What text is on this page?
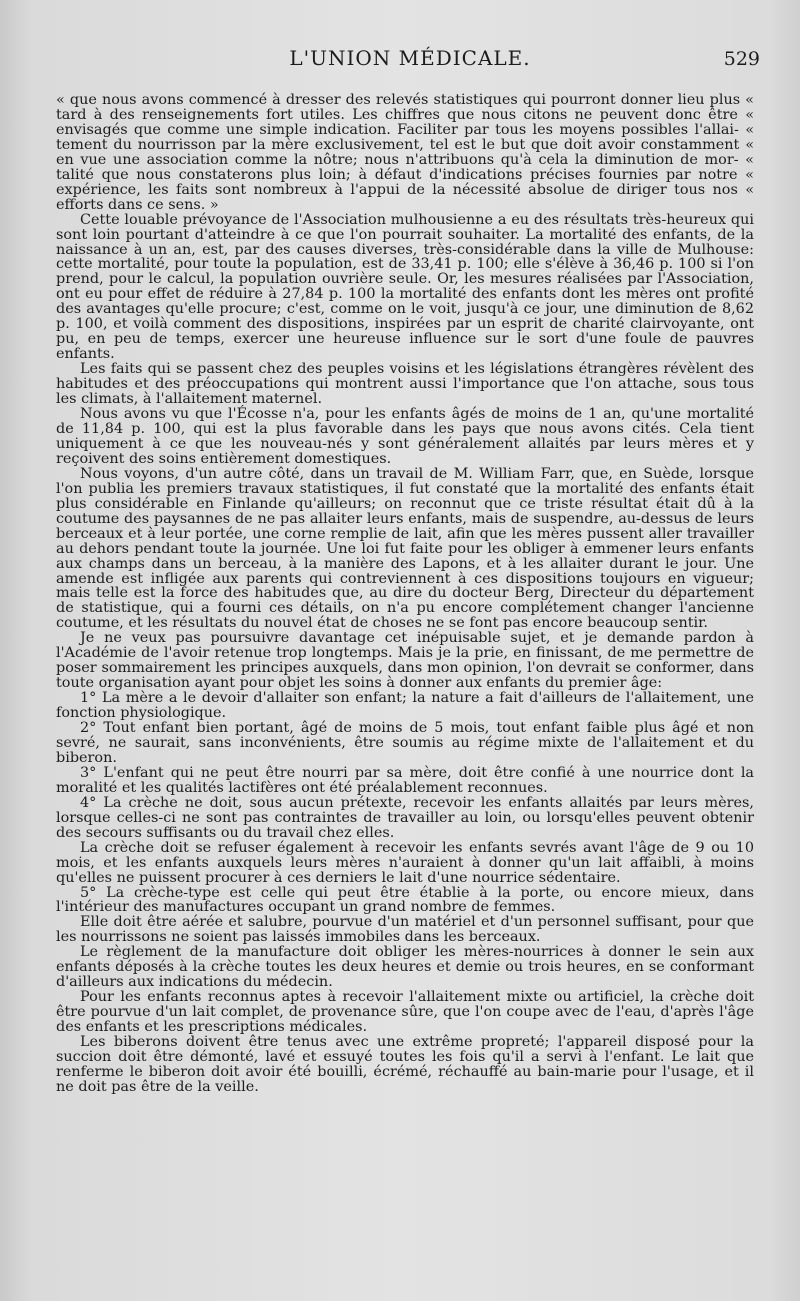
L'UNION MÉDICALE.	529

« que nous avons commencé à dresser des relevés statistiques qui pourront donner lieu plus « tard à des renseignements fort utiles. Les chiffres que nous citons ne peuvent donc être « envisagés que comme une simple indication. Faciliter par tous les moyens possibles l'allai- « tement du nourrisson par la mère exclusivement, tel est le but que doit avoir constamment « en vue une association comme la nôtre; nous n'attribuons qu'à cela la diminution de mor- « talité que nous constaterons plus loin; à défaut d'indications précises fournies par notre « expérience, les faits sont nombreux à l'appui de la nécessité absolue de diriger tous nos « efforts dans ce sens. »

Cette louable prévoyance de l'Association mulhousienne a eu des résultats très-heureux qui sont loin pourtant d'atteindre à ce que l'on pourrait souhaiter. La mortalité des enfants, de la naissance à un an, est, par des causes diverses, très-considérable dans la ville de Mulhouse: cette mortalité, pour toute la population, est de 33,41 p. 100; elle s'élève à 36,46 p. 100 si l'on prend, pour le calcul, la population ouvrière seule. Or, les mesures réalisées par l'Association, ont eu pour effet de réduire à 27,84 p. 100 la mortalité des enfants dont les mères ont profité des avantages qu'elle procure; c'est, comme on le voit, jusqu'à ce jour, une diminution de 8,62 p. 100, et voilà comment des dispositions, inspirées par un esprit de charité clairvoyante, ont pu, en peu de temps, exercer une heureuse influence sur le sort d'une foule de pauvres enfants.

Les faits qui se passent chez des peuples voisins et les législations étrangères révèlent des habitudes et des préoccupations qui montrent aussi l'importance que l'on attache, sous tous les climats, à l'allaitement maternel.

Nous avons vu que l'Écosse n'a, pour les enfants âgés de moins de 1 an, qu'une mortalité de 11,84 p. 100, qui est la plus favorable dans les pays que nous avons cités. Cela tient uniquement à ce que les nouveau-nés y sont généralement allaités par leurs mères et y reçoivent des soins entièrement domestiques.

Nous voyons, d'un autre côté, dans un travail de M. William Farr, que, en Suède, lorsque l'on publia les premiers travaux statistiques, il fut constaté que la mortalité des enfants était plus considérable en Finlande qu'ailleurs; on reconnut que ce triste résultat était dû à la coutume des paysannes de ne pas allaiter leurs enfants, mais de suspendre, au-dessus de leurs berceaux et à leur portée, une corne remplie de lait, afin que les mères pussent aller travailler au dehors pendant toute la journée. Une loi fut faite pour les obliger à emmener leurs enfants aux champs dans un berceau, à la manière des Lapons, et à les allaiter durant le jour. Une amende est infligée aux parents qui contreviennent à ces dispositions toujours en vigueur; mais telle est la force des habitudes que, au dire du docteur Berg, Directeur du département de statistique, qui a fourni ces détails, on n'a pu encore complétement changer l'ancienne coutume, et les résultats du nouvel état de choses ne se font pas encore beaucoup sentir.

Je ne veux pas poursuivre davantage cet inépuisable sujet, et je demande pardon à l'Académie de l'avoir retenue trop longtemps. Mais je la prie, en finissant, de me permettre de poser sommairement les principes auxquels, dans mon opinion, l'on devrait se conformer, dans toute organisation ayant pour objet les soins à donner aux enfants du premier âge:

1° La mère a le devoir d'allaiter son enfant; la nature a fait d'ailleurs de l'allaitement, une fonction physiologique.

2° Tout enfant bien portant, âgé de moins de 5 mois, tout enfant faible plus âgé et non sevré, ne saurait, sans inconvénients, être soumis au régime mixte de l'allaitement et du biberon.

3° L'enfant qui ne peut être nourri par sa mère, doit être confié à une nourrice dont la moralité et les qualités lactifères ont été préalablement reconnues.

4° La crèche ne doit, sous aucun prétexte, recevoir les enfants allaités par leurs mères, lorsque celles-ci ne sont pas contraintes de travailler au loin, ou lorsqu'elles peuvent obtenir des secours suffisants ou du travail chez elles.

La crèche doit se refuser également à recevoir les enfants sevrés avant l'âge de 9 ou 10 mois, et les enfants auxquels leurs mères n'auraient à donner qu'un lait affaibli, à moins qu'elles ne puissent procurer à ces derniers le lait d'une nourrice sédentaire.

5° La crèche-type est celle qui peut être établie à la porte, ou encore mieux, dans l'intérieur des manufactures occupant un grand nombre de femmes.

Elle doit être aérée et salubre, pourvue d'un matériel et d'un personnel suffisant, pour que les nourrissons ne soient pas laissés immobiles dans les berceaux.

Le règlement de la manufacture doit obliger les mères-nourrices à donner le sein aux enfants déposés à la crèche toutes les deux heures et demie ou trois heures, en se conformant d'ailleurs aux indications du médecin.

Pour les enfants reconnus aptes à recevoir l'allaitement mixte ou artificiel, la crèche doit être pourvue d'un lait complet, de provenance sûre, que l'on coupe avec de l'eau, d'après l'âge des enfants et les prescriptions médicales.

Les biberons doivent être tenus avec une extrême propreté; l'appareil disposé pour la succion doit être démonté, lavé et essuyé toutes les fois qu'il a servi à l'enfant. Le lait que renferme le biberon doit avoir été bouilli, écrémé, réchauffé au bain-marie pour l'usage, et il ne doit pas être de la veille.
